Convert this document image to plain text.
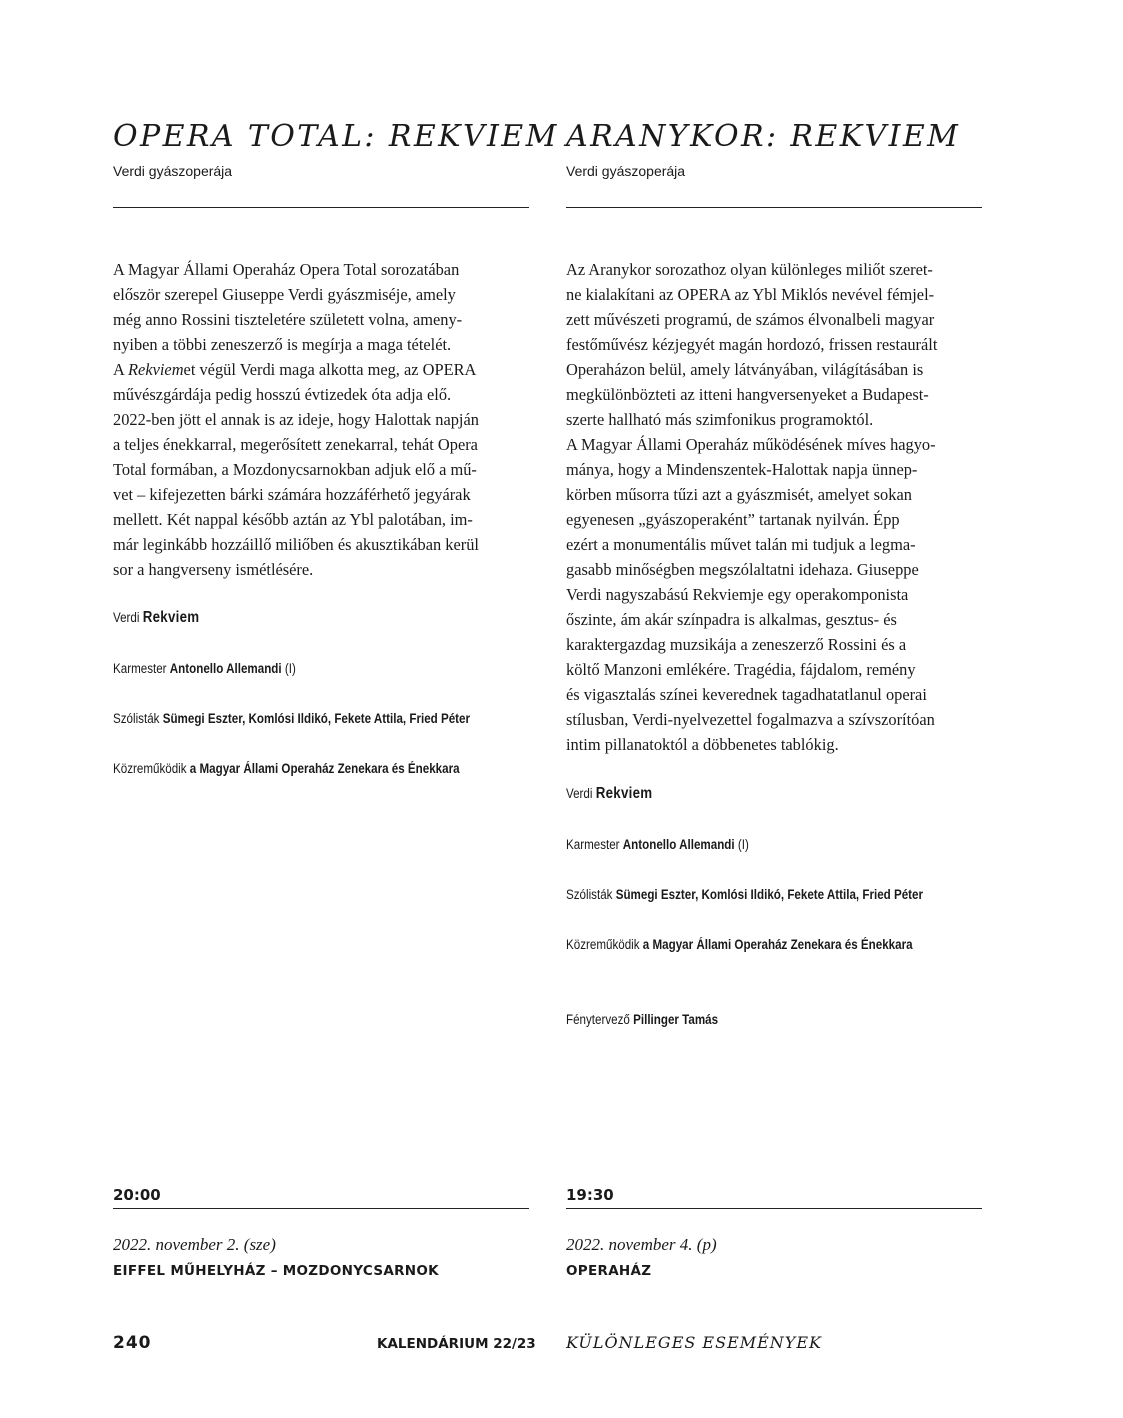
OPERA TOTAL: REKVIEM
Verdi gyászoperája

A Magyar Állami Operaház Opera Total sorozatában

először szerepel Giuseppe Verdi gyászmiséje, amely

még anno Rossini tiszteletére született volna, ameny-

nyiben a többi zeneszerző is megírja a maga tételét.

A Rekviemet végül Verdi maga alkotta meg, az OPERA

művészgárdája pedig hosszú évtizedek óta adja elő.

2022-ben jött el annak is az ideje, hogy Halottak napján

a teljes énekkarral, megerősített zenekarral, tehát Opera

Total formában, a Mozdonycsarnokban adjuk elő a mű-

vet – kifejezetten bárki számára hozzáférhető jegyárak

mellett. Két nappal később aztán az Ybl palotában, im-

már leginkább hozzáillő miliőben és akusztikában kerül

sor a hangverseny ismétlésére.

Verdi Rekviem
Karmester Antonello Allemandi (I)
Szólisták Sümegi Eszter, Komlósi Ildikó, Fekete Attila, Fried Péter
Közreműködik a Magyar Állami Operaház Zenekara és Énekkara
20:00
2022. november 2. (sze)
EIFFEL MŰHELYHÁZ – MOZDONYCSARNOK
ARANYKOR: REKVIEM
Verdi gyászoperája

Az Aranykor sorozathoz olyan különleges miliőt szeret-

ne kialakítani az OPERA az Ybl Miklós nevével fémjel-

zett művészeti programú, de számos élvonalbeli magyar

festőművész kézjegyét magán hordozó, frissen restaurált

Operaházon belül, amely látványában, világításában is

megkülönbözteti az itteni hangversenyeket a Budapest-

szerte hallható más szimfonikus programoktól.

A Magyar Állami Operaház működésének míves hagyo-

mánya, hogy a Mindenszentek-Halottak napja ünnep-

körben műsorra tűzi azt a gyászmisét, amelyet sokan

egyenesen „gyászoperaként” tartanak nyilván. Épp

ezért a monumentális művet talán mi tudjuk a legma-

gasabb minőségben megszólaltatni idehaza. Giuseppe

Verdi nagyszabású Rekviemje egy operakomponista

őszinte, ám akár színpadra is alkalmas, gesztus- és

karaktergazdag muzsikája a zeneszerző Rossini és a

költő Manzoni emlékére. Tragédia, fájdalom, remény

és vigasztalás színei keverednek tagadhatatlanul operai

stílusban, Verdi-nyelvezettel fogalmazva a szívszorítóan

intim pillanatoktól a döbbenetes tablókig.

Verdi Rekviem
Karmester Antonello Allemandi (I)
Szólisták Sümegi Eszter, Komlósi Ildikó, Fekete Attila, Fried Péter
Közreműködik a Magyar Állami Operaház Zenekara és Énekkara
Fénytervező Pillinger Tamás
19:30
2022. november 4. (p)
OPERAHÁZ
240	KALENDÁRIUM 22/23 KÜLÖNLEGES ESEMÉNYEK
